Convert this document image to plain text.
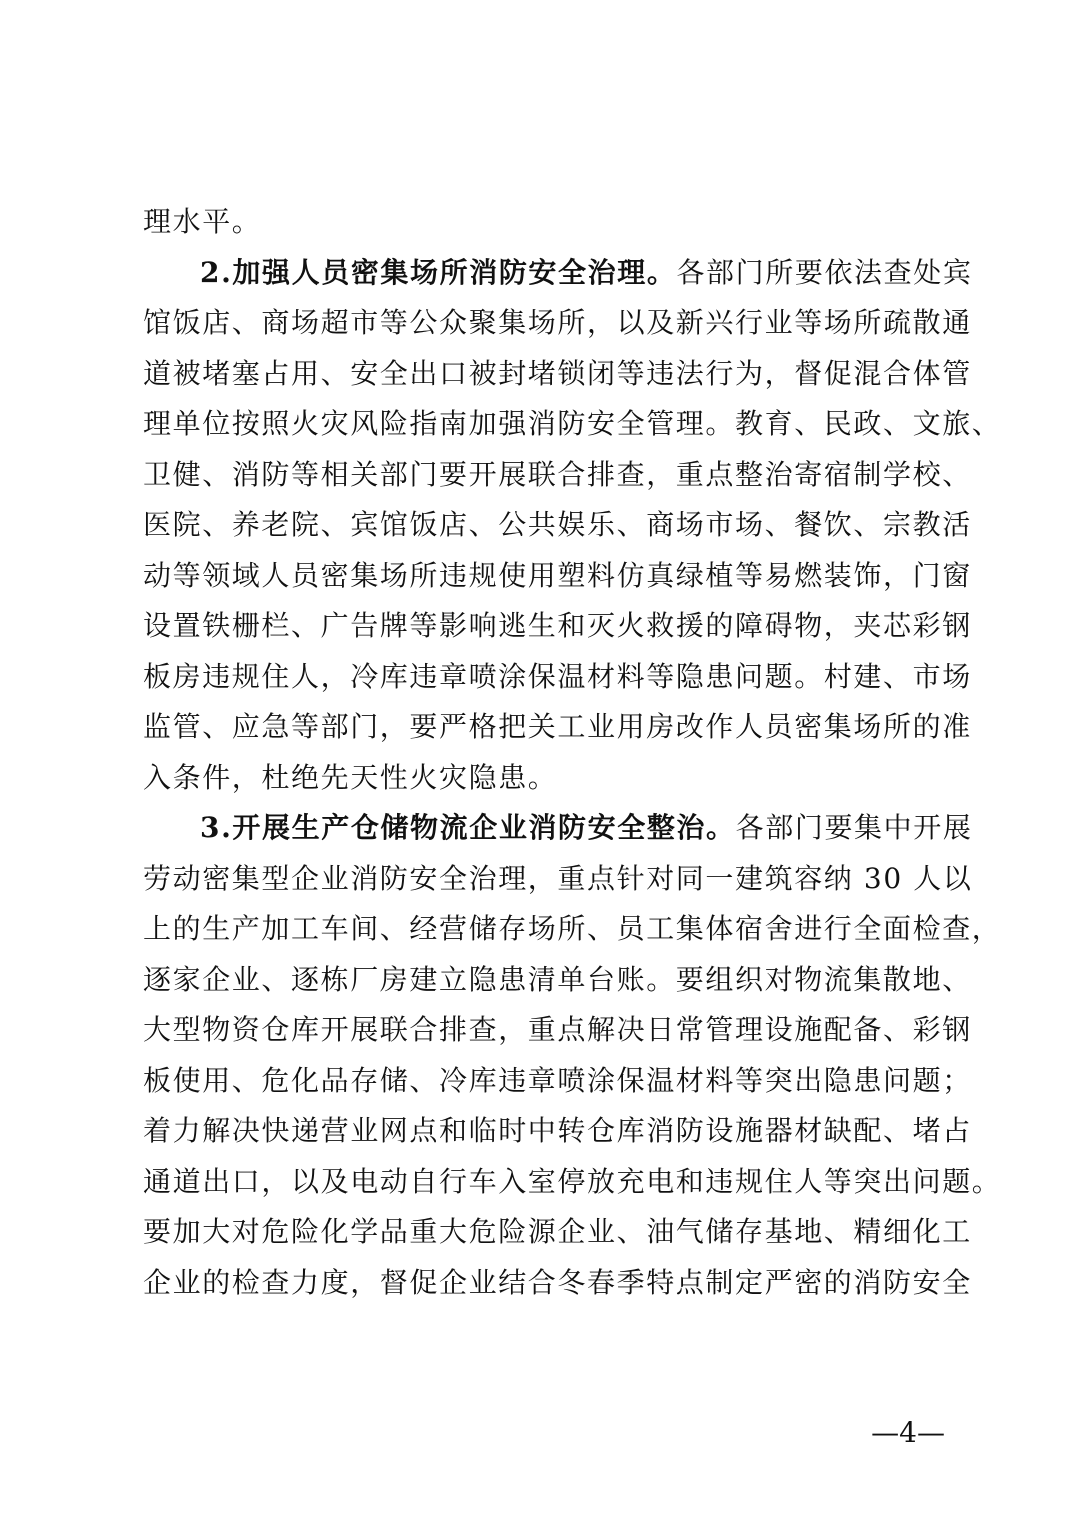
理水平。
2.加强人员密集场所消防安全治理。各部门所要依法查处宾
馆饭店、商场超市等公众聚集场所，以及新兴行业等场所疏散通
道被堵塞占用、安全出口被封堵锁闭等违法行为，督促混合体管
理单位按照火灾风险指南加强消防安全管理。教育、民政、文旅、
卫健、消防等相关部门要开展联合排查，重点整治寄宿制学校、
医院、养老院、宾馆饭店、公共娱乐、商场市场、餐饮、宗教活
动等领域人员密集场所违规使用塑料仿真绿植等易燃装饰，门窗
设置铁栅栏、广告牌等影响逃生和灭火救援的障碍物，夹芯彩钢
板房违规住人，冷库违章喷涂保温材料等隐患问题。村建、市场
监管、应急等部门，要严格把关工业用房改作人员密集场所的准
入条件，杜绝先天性火灾隐患。
3.开展生产仓储物流企业消防安全整治。各部门要集中开展
劳动密集型企业消防安全治理，重点针对同一建筑容纳 30 人以
上的生产加工车间、经营储存场所、员工集体宿舍进行全面检查，
逐家企业、逐栋厂房建立隐患清单台账。要组织对物流集散地、
大型物资仓库开展联合排查，重点解决日常管理设施配备、彩钢
板使用、危化品存储、冷库违章喷涂保温材料等突出隐患问题；
着力解决快递营业网点和临时中转仓库消防设施器材缺配、堵占
通道出口，以及电动自行车入室停放充电和违规住人等突出问题。
要加大对危险化学品重大危险源企业、油气储存基地、精细化工
企业的检查力度，督促企业结合冬春季特点制定严密的消防安全
—4—
